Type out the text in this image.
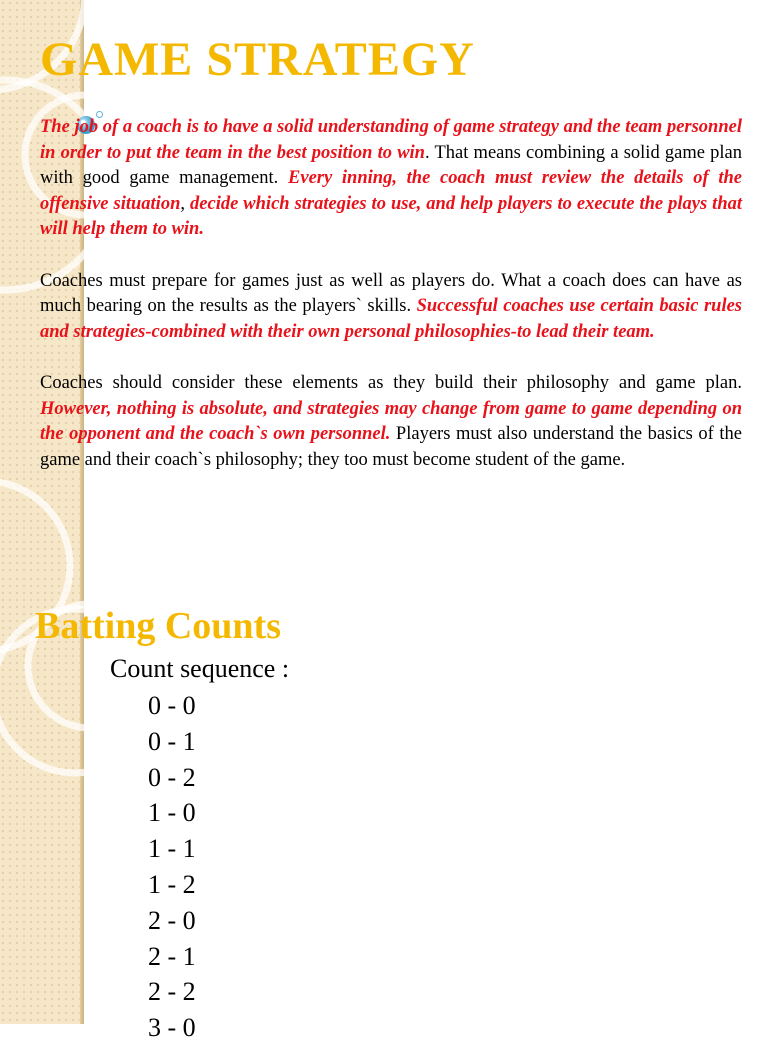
GAME STRATEGY

The job of a coach is to have a solid understanding of game strategy and the team personnel in order to put the team in the best position to win. That means combining a solid game plan with good game management. Every inning, the coach must review the details of the offensive situation, decide which strategies to use, and help players to execute the plays that will help them to win.

Coaches must prepare for games just as well as players do. What a coach does can have as much bearing on the results as the players` skills. Successful coaches use certain basic rules and strategies-combined with their own personal philosophies-to lead their team.

Coaches should consider these elements as they build their philosophy and game plan. However, nothing is absolute, and strategies may change from game to game depending on the opponent and the coach`s own personnel. Players must also understand the basics of the game and their coach`s philosophy; they too must become student of the game.

Batting Counts
Count sequence :
0 - 0
0 - 1
0 - 2
1 - 0
1 - 1
1 - 2
2 - 0
2 - 1
2 - 2
3 - 0
